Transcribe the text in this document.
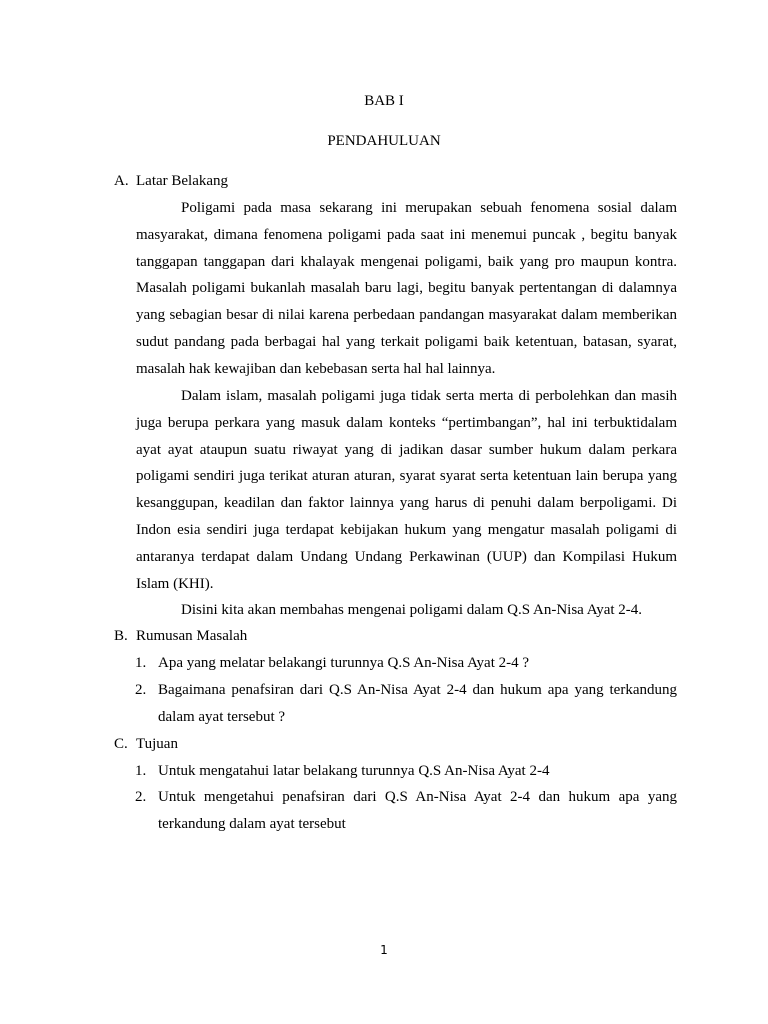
BAB I
PENDAHULUAN
A. Latar Belakang

Poligami pada masa sekarang ini merupakan sebuah fenomena sosial dalam masyarakat, dimana fenomena poligami pada saat ini menemui puncak , begitu banyak tanggapan tanggapan dari khalayak mengenai poligami, baik yang pro maupun kontra. Masalah poligami bukanlah masalah baru lagi, begitu banyak pertentangan di dalamnya yang sebagian besar di nilai karena perbedaan pandangan masyarakat dalam memberikan sudut pandang pada berbagai hal yang terkait poligami baik ketentuan, batasan, syarat, masalah hak kewajiban dan kebebasan serta hal hal lainnya.

Dalam islam, masalah poligami juga tidak serta merta di perbolehkan dan masih juga berupa perkara yang masuk dalam konteks “pertimbangan”, hal ini terbuktidalam ayat ayat ataupun suatu riwayat yang di jadikan dasar sumber hukum dalam perkara poligami sendiri juga terikat aturan aturan, syarat syarat serta ketentuan lain berupa yang kesanggupan, keadilan dan faktor lainnya yang harus di penuhi dalam berpoligami. Di Indon esia sendiri juga terdapat kebijakan hukum yang mengatur masalah poligami di antaranya terdapat dalam Undang Undang Perkawinan (UUP) dan Kompilasi Hukum Islam (KHI).

Disini kita akan membahas mengenai poligami dalam Q.S An-Nisa Ayat 2-4.

B. Rumusan Masalah
1. Apa yang melatar belakangi turunnya Q.S An-Nisa Ayat 2-4 ?
2. Bagaimana penafsiran dari Q.S An-Nisa Ayat 2-4 dan hukum apa yang terkandung dalam ayat tersebut ?
C. Tujuan
1. Untuk mengatahui latar belakang turunnya Q.S An-Nisa Ayat 2-4
2. Untuk mengetahui penafsiran dari Q.S An-Nisa Ayat 2-4 dan hukum apa yang terkandung dalam ayat tersebut
1
